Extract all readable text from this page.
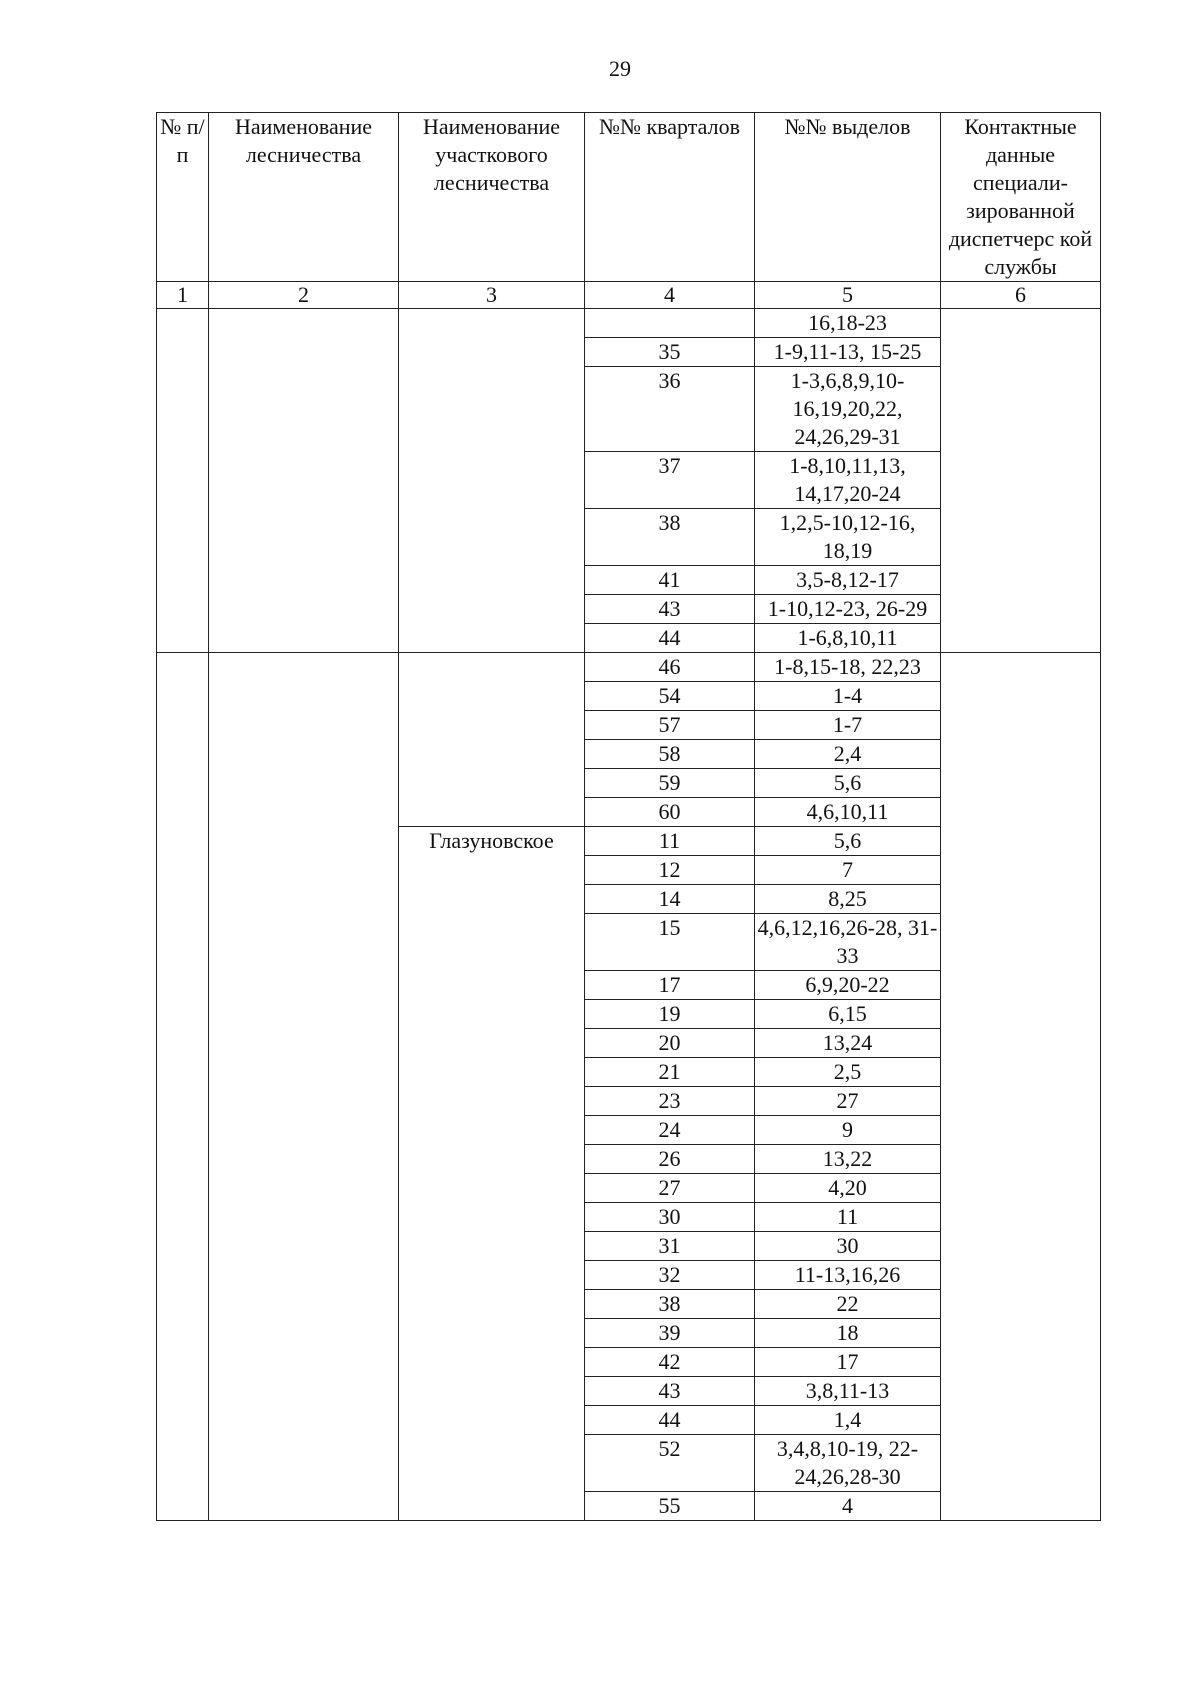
29
№ п/п	Наименование лесничества	Наименование участкового лесничества	№№ кварталов	№№ выделов	Контактные данные специали-зированной диспетчерс кой службы
1	2	3	4	5	6
				16,18-23	
			35	1-9,11-13, 15-25	
			36	1-3,6,8,9,10-16,19,20,22, 24,26,29-31	
			37	1-8,10,11,13, 14,17,20-24	
			38	1,2,5-10,12-16, 18,19	
			41	3,5-8,12-17	
			43	1-10,12-23, 26-29	
			44	1-6,8,10,11	
			46	1-8,15-18, 22,23	
			54	1-4	
			57	1-7	
			58	2,4	
			59	5,6	
			60	4,6,10,11	
		Глазуновское	11	5,6	
			12	7	
			14	8,25	
			15	4,6,12,16,26-28, 31-33	
			17	6,9,20-22	
			19	6,15	
			20	13,24	
			21	2,5	
			23	27	
			24	9	
			26	13,22	
			27	4,20	
			30	11	
			31	30	
			32	11-13,16,26	
			38	22	
			39	18	
			42	17	
			43	3,8,11-13	
			44	1,4	
			52	3,4,8,10-19, 22-24,26,28-30	
			55	4	
